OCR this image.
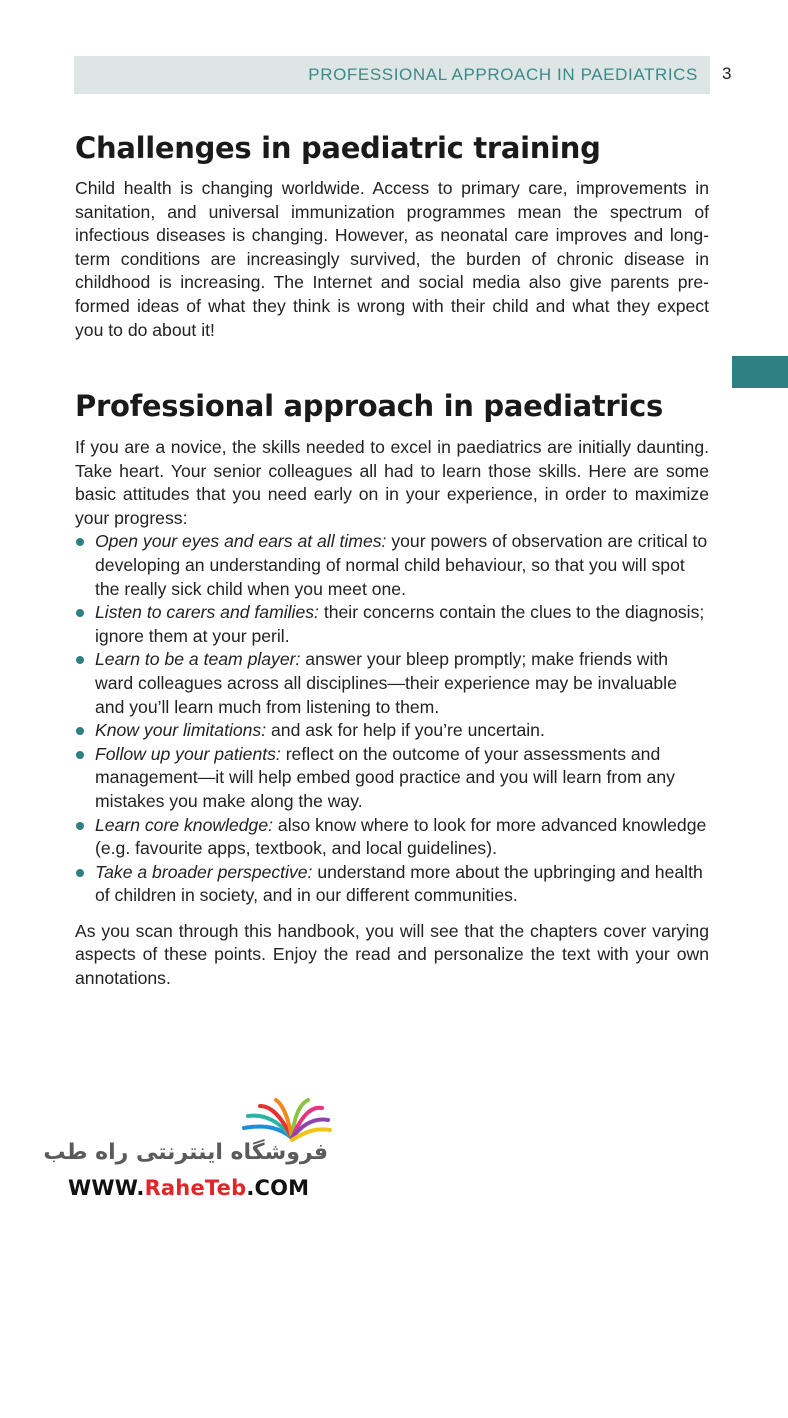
PROFESSIONAL APPROACH IN PAEDIATRICS 3
Challenges in paediatric training

Child health is changing worldwide. Access to primary care, improvements in sanitation, and universal immunization programmes mean the spectrum of infectious diseases is changing. However, as neonatal care improves and long-term conditions are increasingly survived, the burden of chronic disease in childhood is increasing. The Internet and social media also give parents pre-formed ideas of what they think is wrong with their child and what they expect you to do about it!

Professional approach in paediatrics

If you are a novice, the skills needed to excel in paediatrics are initially daunting. Take heart. Your senior colleagues all had to learn those skills. Here are some basic attitudes that you need early on in your experience, in order to maximize your progress:

Open your eyes and ears at all times: your powers of observation are critical to developing an understanding of normal child behaviour, so that you will spot the really sick child when you meet one.
Listen to carers and families: their concerns contain the clues to the diagnosis; ignore them at your peril.
Learn to be a team player: answer your bleep promptly; make friends with ward colleagues across all disciplines—their experience may be invaluable and you’ll learn much from listening to them.
Know your limitations: and ask for help if you’re uncertain.
Follow up your patients: reflect on the outcome of your assessments and management—it will help embed good practice and you will learn from any mistakes you make along the way.
Learn core knowledge: also know where to look for more advanced knowledge (e.g. favourite apps, textbook, and local guidelines).
Take a broader perspective: understand more about the upbringing and health of children in society, and in our different communities.

As you scan through this handbook, you will see that the chapters cover varying aspects of these points. Enjoy the read and personalize the text with your own annotations.

فروشگاه اینترنتی راه طب
WWW.RaheTeb.COM
